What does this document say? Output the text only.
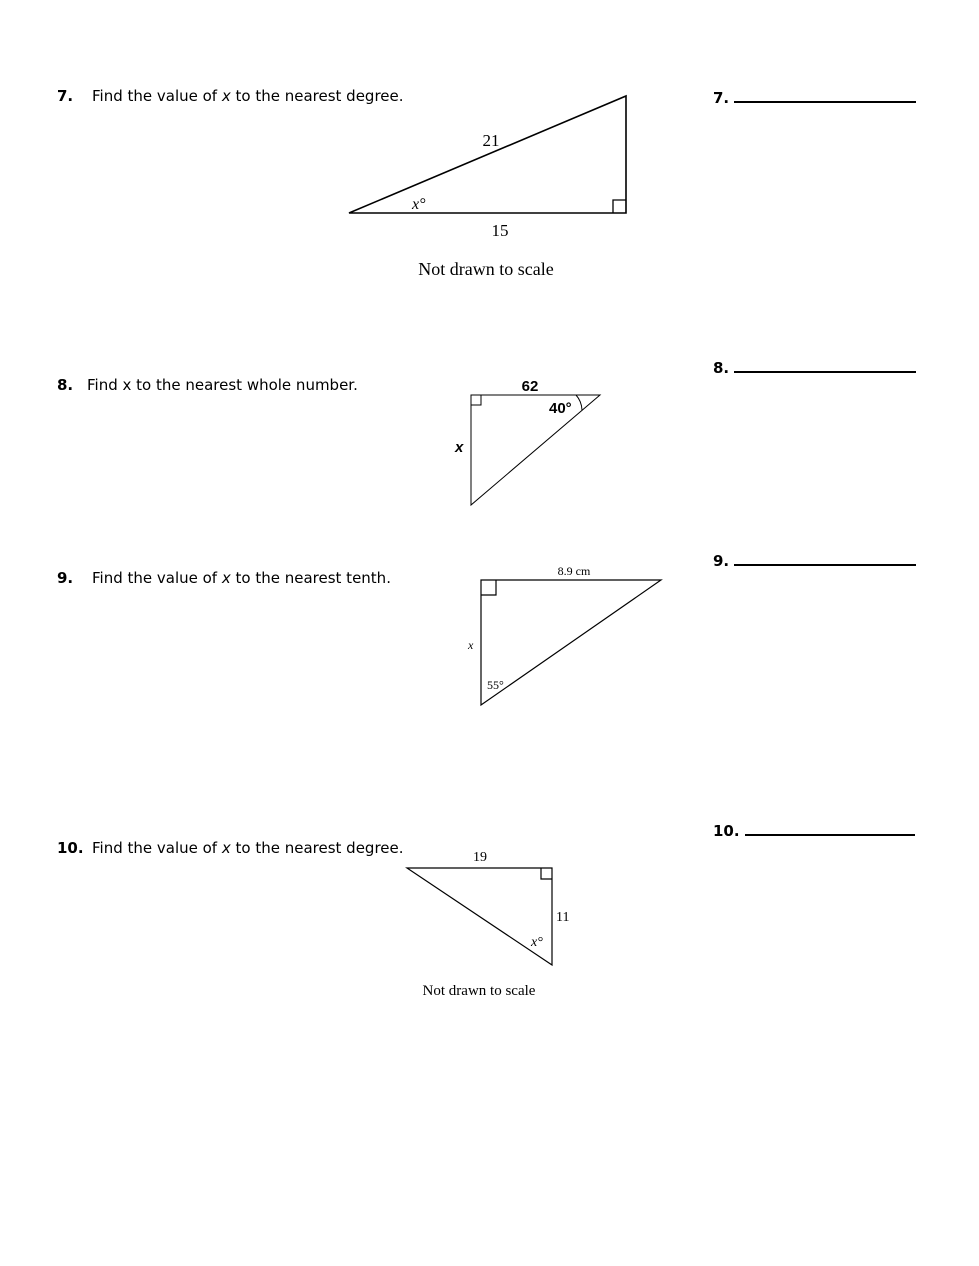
7. Find the value of x to the nearest degree.	7.
8. Find x to the nearest whole number.
8.
9. Find the value of x to the nearest tenth.
9.
10. Find the value of x to the nearest degree.
10.
21
15
x°
Not drawn to scale
62
40°
x
8.9 cm
x
55°
19
11
x°
Not drawn to scale
